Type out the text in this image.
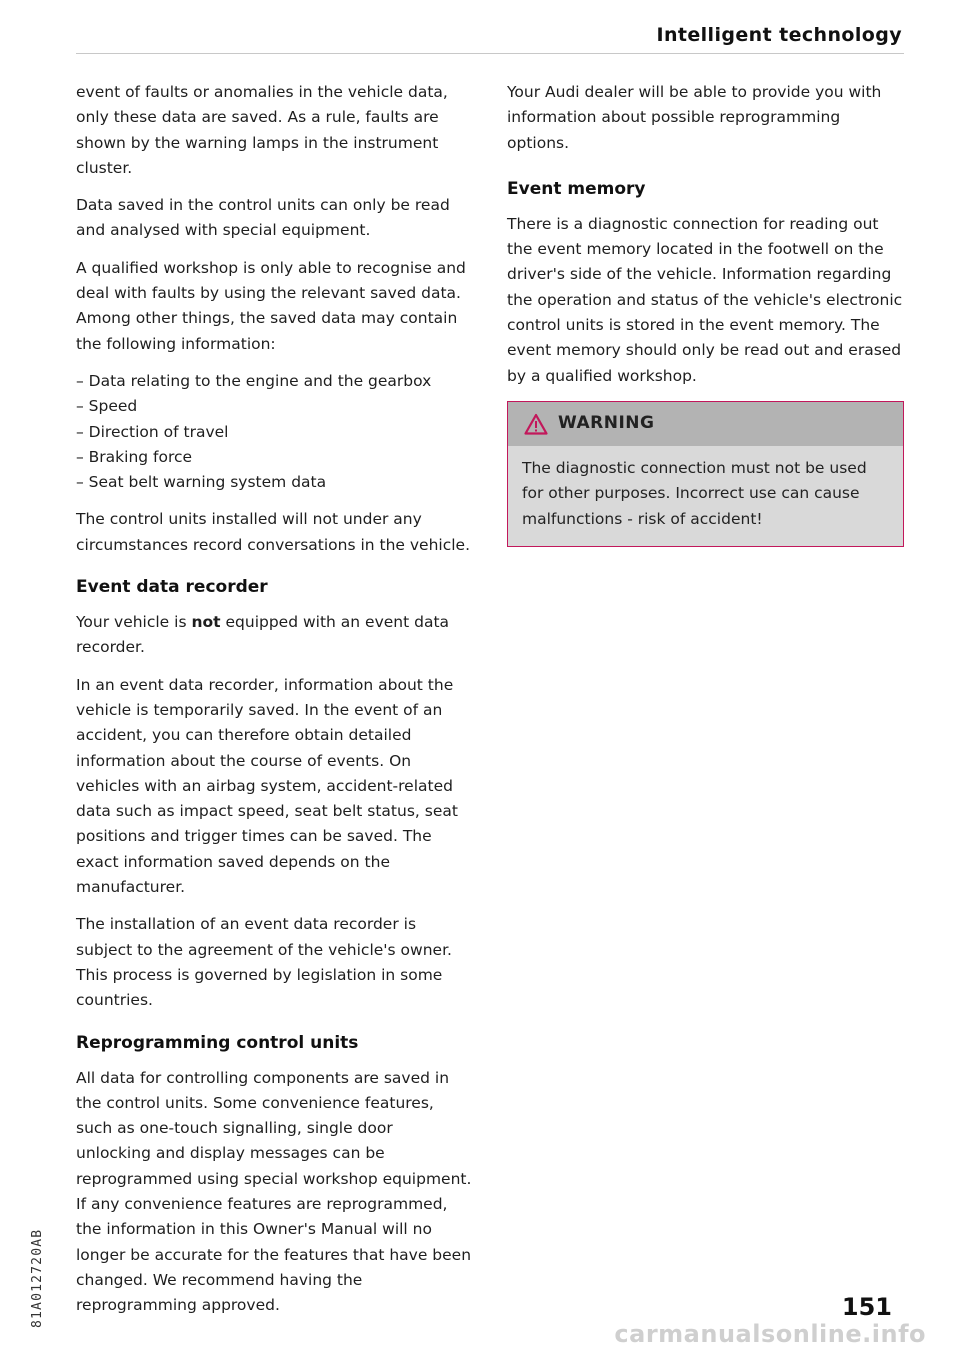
Intelligent technology

event of faults or anomalies in the vehicle data, only these data are saved. As a rule, faults are shown by the warning lamps in the instrument cluster.

Data saved in the control units can only be read and analysed with special equipment.

A qualified workshop is only able to recognise and deal with faults by using the relevant saved data. Among other things, the saved data may contain the following information:

– Data relating to the engine and the gearbox
– Speed
– Direction of travel
– Braking force
– Seat belt warning system data

The control units installed will not under any circumstances record conversations in the vehicle.

Event data recorder

Your vehicle is not equipped with an event data recorder.

In an event data recorder, information about the vehicle is temporarily saved. In the event of an accident, you can therefore obtain detailed information about the course of events. On vehicles with an airbag system, accident-related data such as impact speed, seat belt status, seat positions and trigger times can be saved. The exact information saved depends on the manufacturer.

The installation of an event data recorder is subject to the agreement of the vehicle's owner. This process is governed by legislation in some countries.

Reprogramming control units

All data for controlling components are saved in the control units. Some convenience features, such as one-touch signalling, single door unlocking and display messages can be reprogrammed using special workshop equipment. If any convenience features are reprogrammed, the information in this Owner's Manual will no longer be accurate for the features that have been changed. We recommend having the reprogramming approved.

Your Audi dealer will be able to provide you with information about possible reprogramming options.

Event memory

There is a diagnostic connection for reading out the event memory located in the footwell on the driver's side of the vehicle. Information regarding the operation and status of the vehicle's electronic control units is stored in the event memory. The event memory should only be read out and erased by a qualified workshop.

WARNING
The diagnostic connection must not be used for other purposes. Incorrect use can cause malfunctions - risk of accident!
81A012720AB	151
carmanualsonline.info
